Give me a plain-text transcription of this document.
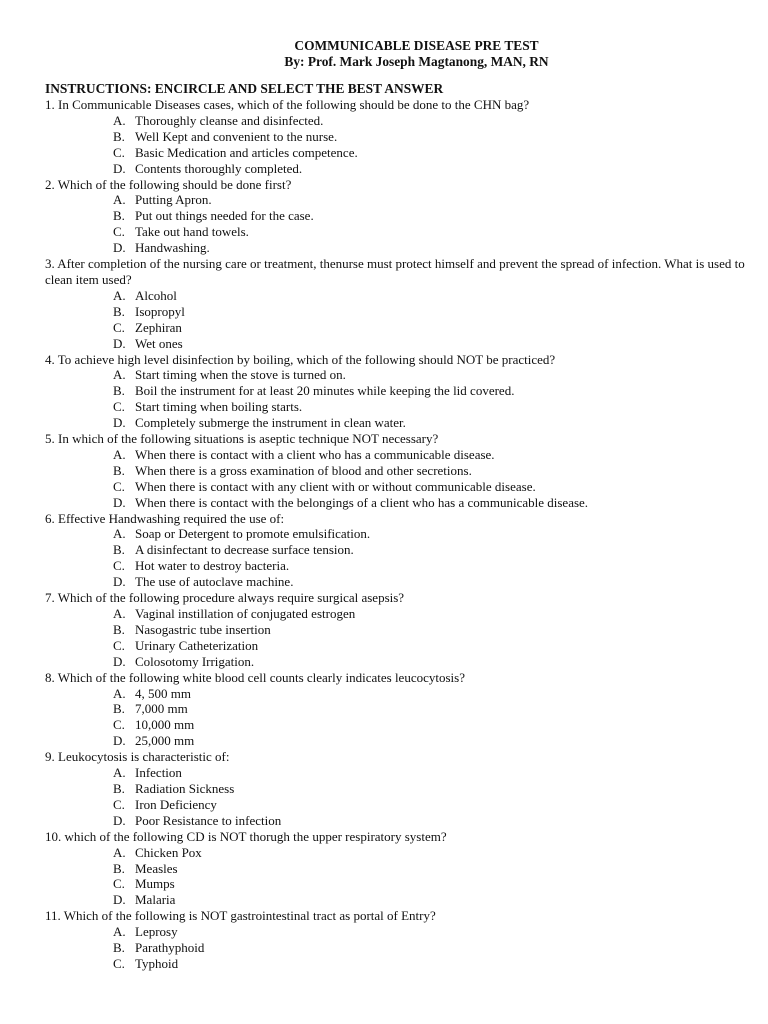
COMMUNICABLE DISEASE PRE TEST
By: Prof. Mark Joseph Magtanong, MAN, RN
INSTRUCTIONS: ENCIRCLE AND SELECT THE BEST ANSWER
1. In Communicable Diseases cases, which of the following should be done to the CHN bag?
A. Thoroughly cleanse and disinfected.
B. Well Kept and convenient to the nurse.
C. Basic Medication and articles competence.
D. Contents thoroughly completed.
2. Which of the following should be done first?
A. Putting Apron.
B. Put out things needed for the case.
C. Take out hand towels.
D. Handwashing.
3. After completion of the nursing care or treatment, thenurse must protect himself and prevent the spread of infection. What is used to clean item used?
A. Alcohol
B. Isopropyl
C. Zephiran
D. Wet ones
4. To achieve high level disinfection by boiling, which of the following should NOT be practiced?
A. Start timing when the stove is turned on.
B. Boil the instrument for at least 20 minutes while keeping the lid covered.
C. Start timing when boiling starts.
D. Completely submerge the instrument in clean water.
5. In which of the following situations is aseptic technique NOT necessary?
A. When there is contact with a client who has a communicable disease.
B. When there is a gross examination of blood and other secretions.
C. When there is contact with any client with or without communicable disease.
D. When there is contact with the belongings of a client who has a communicable disease.
6. Effective Handwashing required the use of:
A. Soap or Detergent to promote emulsification.
B. A disinfectant to decrease surface tension.
C. Hot water to destroy bacteria.
D. The use of autoclave machine.
7. Which of the following procedure always require surgical asepsis?
A. Vaginal instillation of conjugated estrogen
B. Nasogastric tube insertion
C. Urinary Catheterization
D. Colosotomy Irrigation.
8. Which of the following white blood cell counts clearly indicates leucocytosis?
A. 4, 500 mm
B. 7,000 mm
C. 10,000 mm
D. 25,000 mm
9. Leukocytosis is characteristic of:
A. Infection
B. Radiation Sickness
C. Iron Deficiency
D. Poor Resistance to infection
10. which of the following CD is NOT thorugh the upper respiratory system?
A. Chicken Pox
B. Measles
C. Mumps
D. Malaria
11. Which of the following is NOT gastrointestinal tract as portal of Entry?
A. Leprosy
B. Parathyphoid
C. Typhoid
